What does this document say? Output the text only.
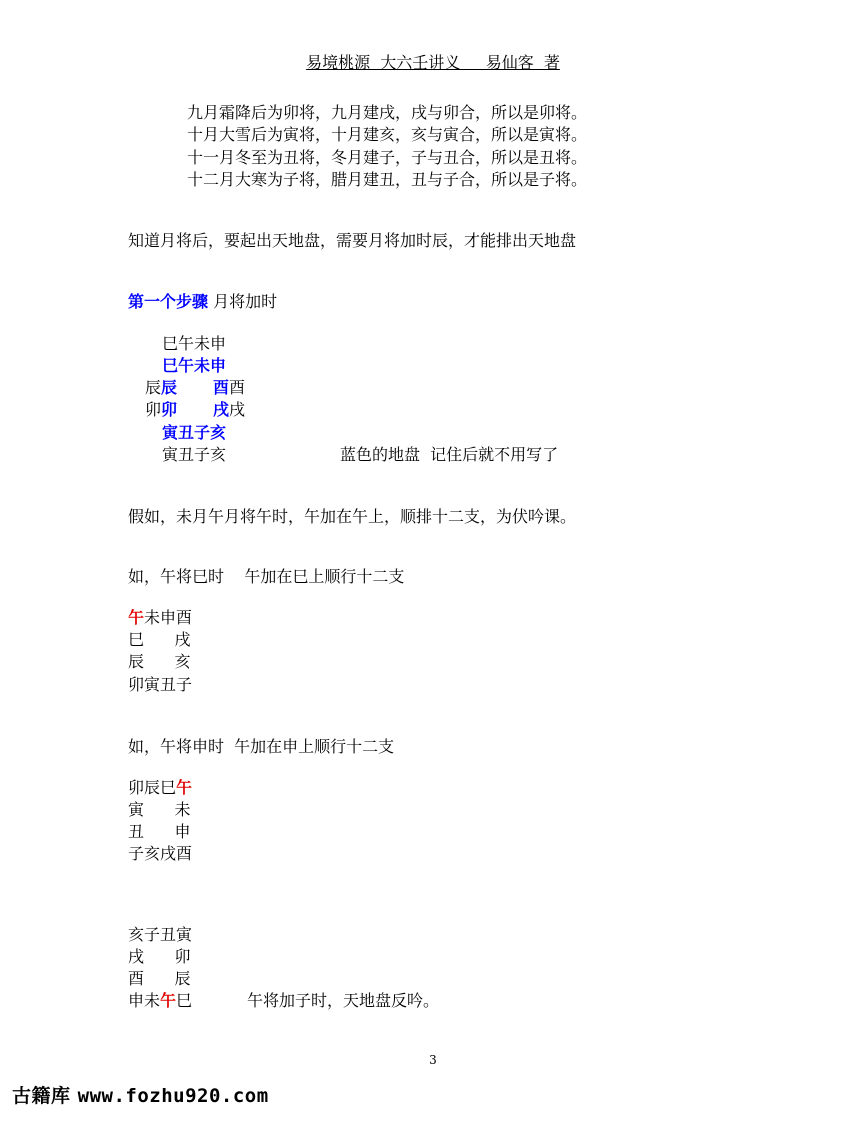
易境桃源  大六壬讲义     易仙客  著
九月霜降后为卯将，九月建戌，戌与卯合，所以是卯将。
十月大雪后为寅将，十月建亥，亥与寅合，所以是寅将。
十一月冬至为丑将，冬月建子，子与丑合，所以是丑将。
十二月大寒为子将，腊月建丑，丑与子合，所以是子将。
知道月将后，要起出天地盘，需要月将加时辰，才能排出天地盘
第一个步骤 月将加时
巳午未申
巳午未申
辰辰 酉酉
卯卯 戌戌
寅丑子亥
寅丑子亥	蓝色的地盘  记住后就不用写了
假如，未月午月将午时，午加在午上，顺排十二支，为伏吟课。
如，午将巳时    午加在巳上顺行十二支
午未申酉
巳      戌
辰      亥
卯寅丑子
如，午将申时  午加在申上顺行十二支
卯辰巳午
寅      未
丑      申
子亥戌酉
亥子丑寅
戌      卯
酉      辰
申未午巳	午将加子时，天地盘反吟。
3
古籍库 www.fozhu920.com
